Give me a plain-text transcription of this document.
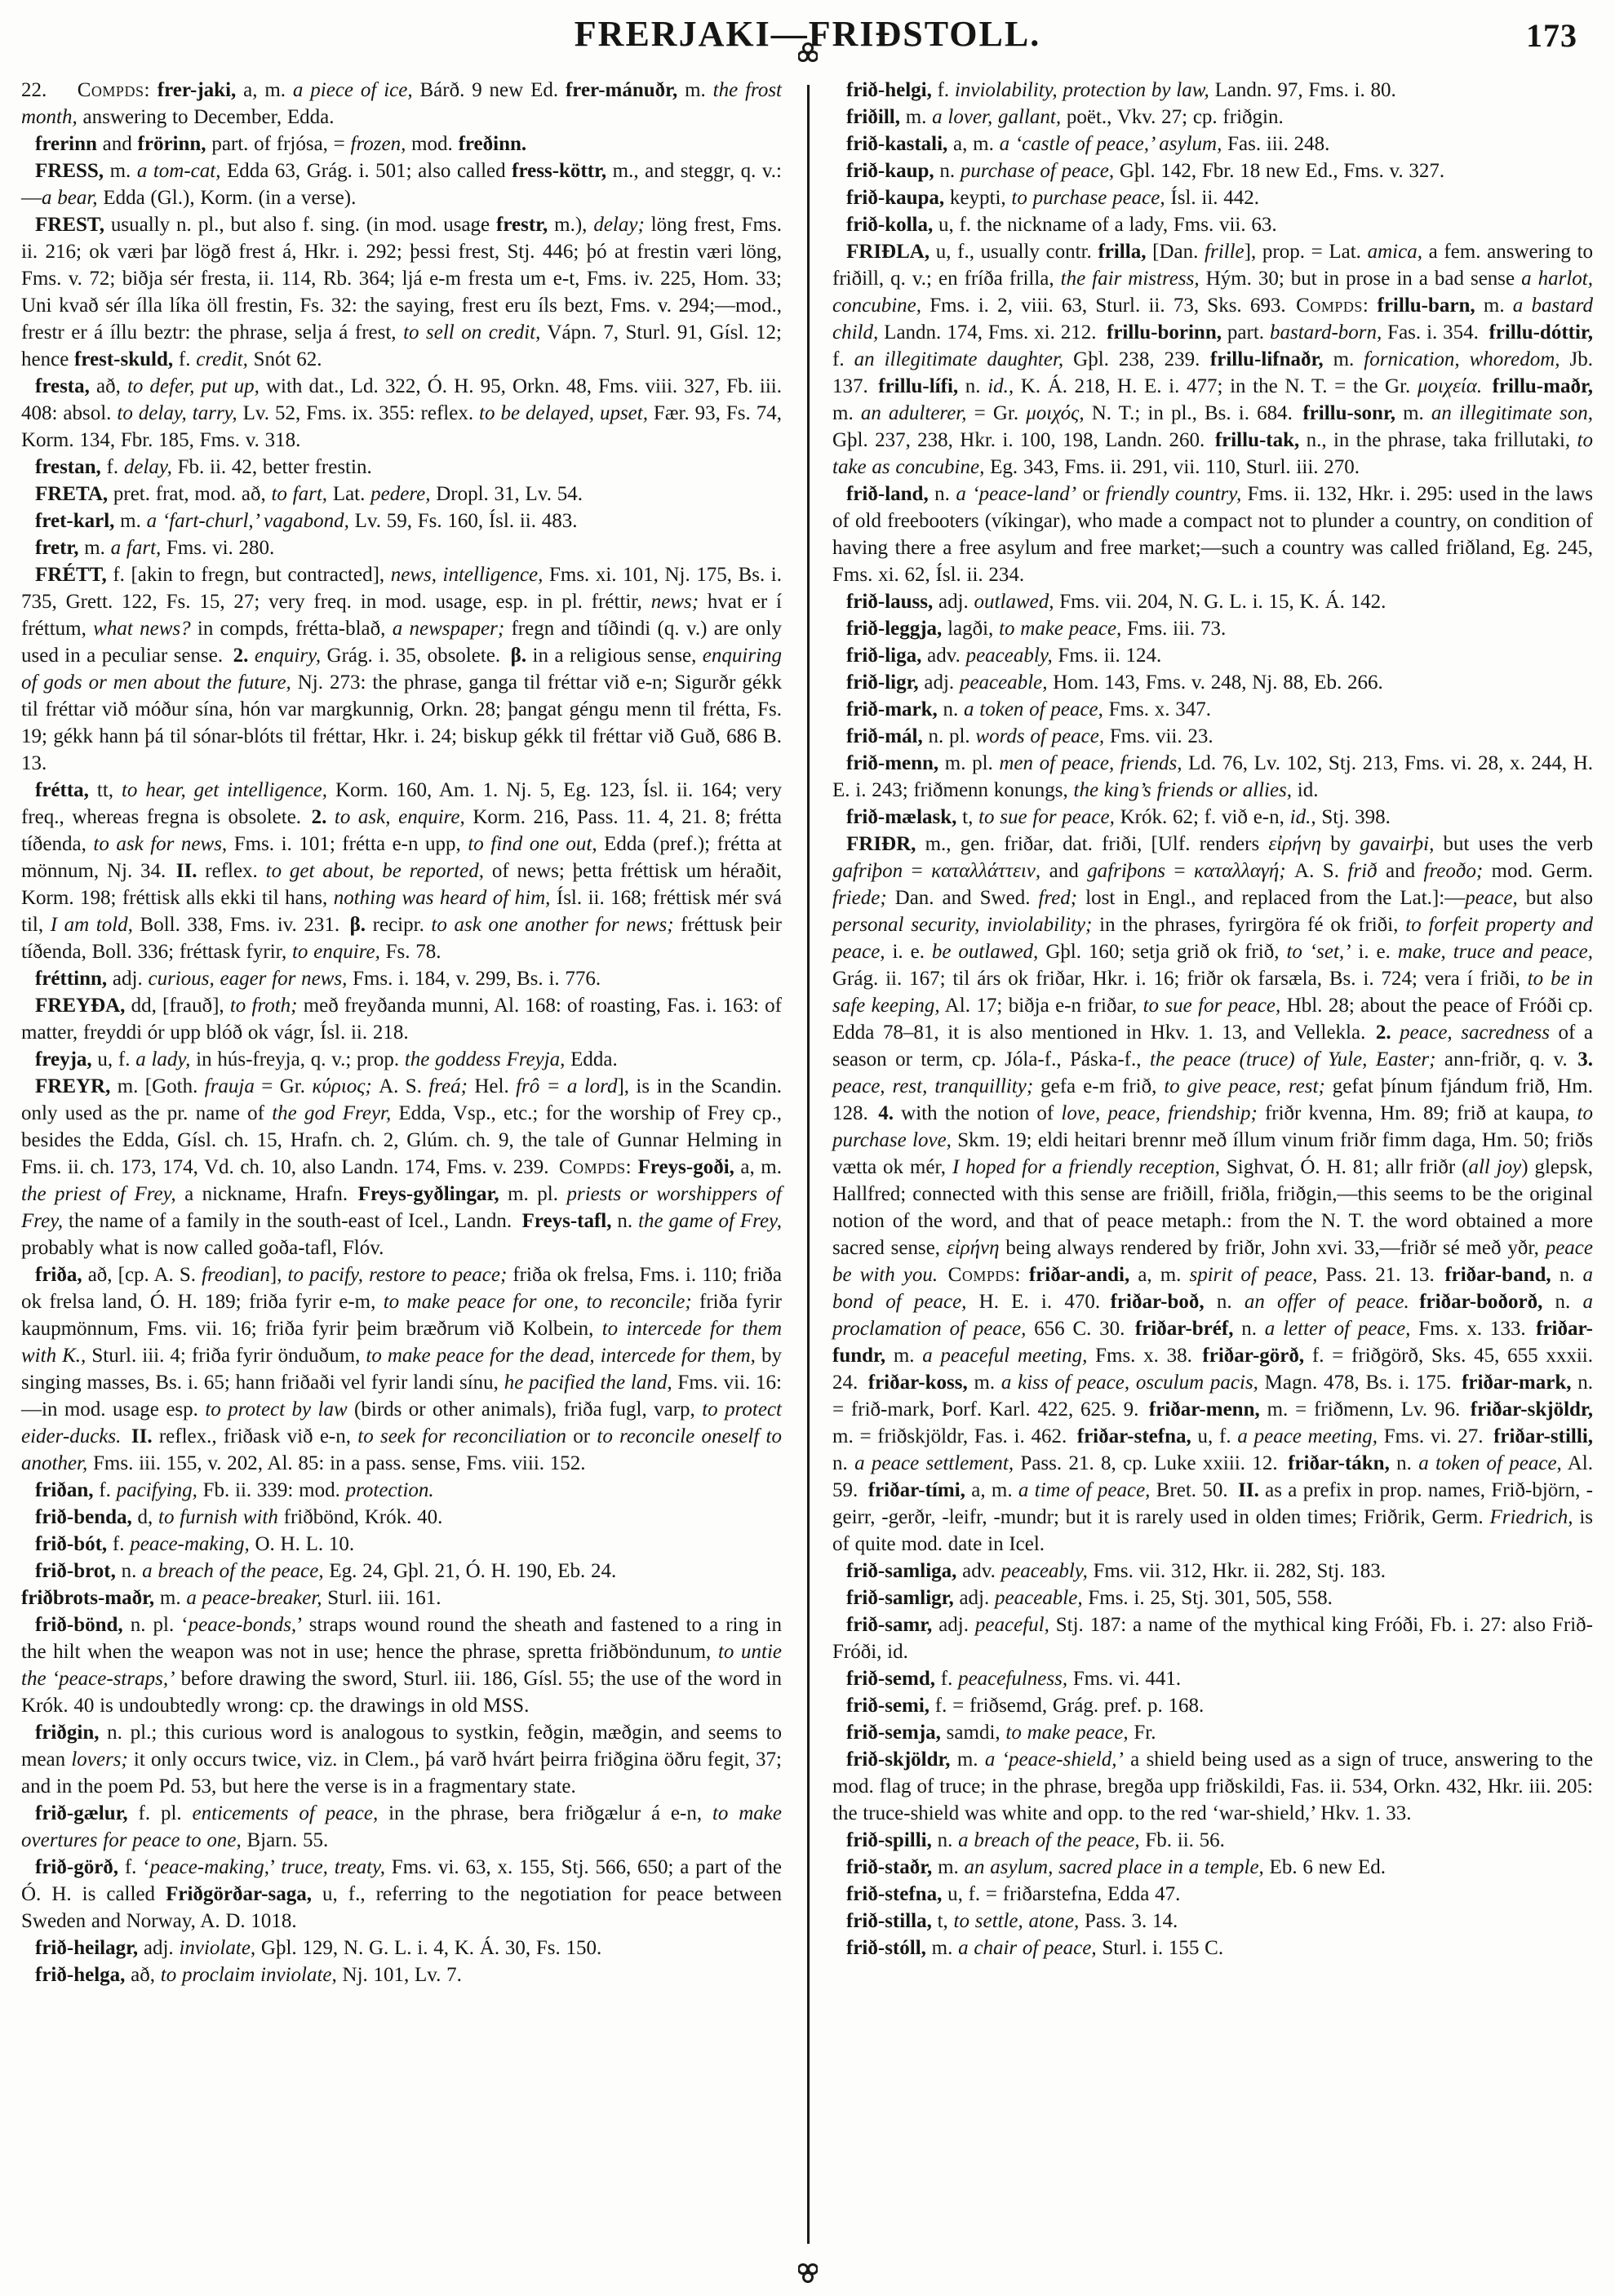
FRERJAKI—FRIÐSTOLL.	173

22.  Compds: frer-jaki, a, m. a piece of ice, Bárð. 9 new Ed. frer-mánuðr, m. the frost month, answering to December, Edda.

frerinn and frörinn, part. of frjósa, = frozen, mod. freðinn.

FRESS, m. a tom-cat, Edda 63, Grág. i. 501; also called fress-köttr, m., and steggr, q. v.:—a bear, Edda (Gl.), Korm. (in a verse).

FREST, usually n. pl., but also f. sing. (in mod. usage frestr, m.), delay; löng frest, Fms. ii. 216; ok væri þar lögð frest á, Hkr. i. 292; þessi frest, Stj. 446; þó at frestin væri löng, Fms. v. 72; biðja sér fresta, ii. 114, Rb. 364; ljá e-m fresta um e-t, Fms. iv. 225, Hom. 33; Uni kvað sér ílla líka öll frestin, Fs. 32: the saying, frest eru íls bezt, Fms. v. 294;—mod., frestr er á íllu beztr: the phrase, selja á frest, to sell on credit, Vápn. 7, Sturl. 91, Gísl. 12; hence frest-skuld, f. credit, Snót 62.

fresta, að, to defer, put up, with dat., Ld. 322, Ó. H. 95, Orkn. 48, Fms. viii. 327, Fb. iii. 408: absol. to delay, tarry, Lv. 52, Fms. ix. 355: reflex. to be delayed, upset, Fær. 93, Fs. 74, Korm. 134, Fbr. 185, Fms. v. 318.

frestan, f. delay, Fb. ii. 42, better frestin.

FRETA, pret. frat, mod. að, to fart, Lat. pedere, Dropl. 31, Lv. 54.

fret-karl, m. a ‘fart-churl,’ vagabond, Lv. 59, Fs. 160, Ísl. ii. 483.

fretr, m. a fart, Fms. vi. 280.

FRÉTT, f. [akin to fregn, but contracted], news, intelligence, Fms. xi. 101, Nj. 175, Bs. i. 735, Grett. 122, Fs. 15, 27; very freq. in mod. usage, esp. in pl. fréttir, news; hvat er í fréttum, what news? in compds, frétta-blað, a newspaper; fregn and tíðindi (q. v.) are only used in a peculiar sense. 2. enquiry, Grág. i. 35, obsolete. β. in a religious sense, enquiring of gods or men about the future, Nj. 273: the phrase, ganga til fréttar við e-n; Sigurðr gékk til fréttar við móður sína, hón var margkunnig, Orkn. 28; þangat géngu menn til frétta, Fs. 19; gékk hann þá til sónar-blóts til fréttar, Hkr. i. 24; biskup gékk til fréttar við Guð, 686 B. 13.

frétta, tt, to hear, get intelligence, Korm. 160, Am. 1. Nj. 5, Eg. 123, Ísl. ii. 164; very freq., whereas fregna is obsolete. 2. to ask, enquire, Korm. 216, Pass. 11. 4, 21. 8; frétta tíðenda, to ask for news, Fms. i. 101; frétta e-n upp, to find one out, Edda (pref.); frétta at mönnum, Nj. 34. II. reflex. to get about, be reported, of news; þetta fréttisk um héraðit, Korm. 198; fréttisk alls ekki til hans, nothing was heard of him, Ísl. ii. 168; fréttisk mér svá til, I am told, Boll. 338, Fms. iv. 231. β. recipr. to ask one another for news; fréttusk þeir tíðenda, Boll. 336; fréttask fyrir, to enquire, Fs. 78.

fréttinn, adj. curious, eager for news, Fms. i. 184, v. 299, Bs. i. 776.

FREYÐA, dd, [frauð], to froth; með freyðanda munni, Al. 168: of roasting, Fas. i. 163: of matter, freyddi ór upp blóð ok vágr, Ísl. ii. 218.

freyja, u, f. a lady, in hús-freyja, q. v.; prop. the goddess Freyja, Edda.

FREYR, m. [Goth. frauja = Gr. κύριος; A. S. freá; Hel. frô = a lord], is in the Scandin. only used as the pr. name of the god Freyr, Edda, Vsp., etc.; for the worship of Frey cp., besides the Edda, Gísl. ch. 15, Hrafn. ch. 2, Glúm. ch. 9, the tale of Gunnar Helming in Fms. ii. ch. 173, 174, Vd. ch. 10, also Landn. 174, Fms. v. 239. Compds: Freys-goði, a, m. the priest of Frey, a nickname, Hrafn. Freys-gyðlingar, m. pl. priests or worshippers of Frey, the name of a family in the south-east of Icel., Landn. Freys-tafl, n. the game of Frey, probably what is now called goða-tafl, Flóv.

friða, að, [cp. A. S. freodian], to pacify, restore to peace; friða ok frelsa, Fms. i. 110; friða ok frelsa land, Ó. H. 189; friða fyrir e-m, to make peace for one, to reconcile; friða fyrir kaupmönnum, Fms. vii. 16; friða fyrir þeim bræðrum við Kolbein, to intercede for them with K., Sturl. iii. 4; friða fyrir önduðum, to make peace for the dead, intercede for them, by singing masses, Bs. i. 65; hann friðaði vel fyrir landi sínu, he pacified the land, Fms. vii. 16:—in mod. usage esp. to protect by law (birds or other animals), friða fugl, varp, to protect eider-ducks.  II. reflex., friðask við e-n, to seek for reconciliation or to reconcile oneself to another, Fms. iii. 155, v. 202, Al. 85: in a pass. sense, Fms. viii. 152.

friðan, f. pacifying, Fb. ii. 339: mod. protection.

frið-benda, d, to furnish with friðbönd, Krók. 40.

frið-bót, f. peace-making, O. H. L. 10.

frið-brot, n. a breach of the peace, Eg. 24, Gþl. 21, Ó. H. 190, Eb. 24.

friðbrots-maðr, m. a peace-breaker, Sturl. iii. 161.

frið-bönd, n. pl. ‘peace-bonds,’ straps wound round the sheath and fastened to a ring in the hilt when the weapon was not in use; hence the phrase, spretta friðböndunum, to untie the ‘peace-straps,’ before drawing the sword, Sturl. iii. 186, Gísl. 55; the use of the word in Krók. 40 is undoubtedly wrong: cp. the drawings in old MSS.

friðgin, n. pl.; this curious word is analogous to systkin, feðgin, mæðgin, and seems to mean lovers; it only occurs twice, viz. in Clem., þá varð hvárt þeirra friðgina öðru fegit, 37; and in the poem Pd. 53, but here the verse is in a fragmentary state.

frið-gælur, f. pl. enticements of peace, in the phrase, bera friðgælur á e-n, to make overtures for peace to one, Bjarn. 55.

frið-görð, f. ‘peace-making,’ truce, treaty, Fms. vi. 63, x. 155, Stj. 566, 650; a part of the Ó. H. is called Friðgörðar-saga, u, f., referring to the negotiation for peace between Sweden and Norway, A. D. 1018.

frið-heilagr, adj. inviolate, Gþl. 129, N. G. L. i. 4, K. Á. 30, Fs. 150.

frið-helga, að, to proclaim inviolate, Nj. 101, Lv. 7.

frið-helgi, f. inviolability, protection by law, Landn. 97, Fms. i. 80.

friðill, m. a lover, gallant, poët., Vkv. 27; cp. friðgin.

frið-kastali, a, m. a ‘castle of peace,’ asylum, Fas. iii. 248.

frið-kaup, n. purchase of peace, Gþl. 142, Fbr. 18 new Ed., Fms. v. 327.

frið-kaupa, keypti, to purchase peace, Ísl. ii. 442.

frið-kolla, u, f. the nickname of a lady, Fms. vii. 63.

FRIÐLA, u, f., usually contr. frilla, [Dan. frille], prop. = Lat. amica, a fem. answering to friðill, q. v.; en fríða frilla, the fair mistress, Hým. 30; but in prose in a bad sense a harlot, concubine, Fms. i. 2, viii. 63, Sturl. ii. 73, Sks. 693. Compds: frillu-barn, m. a bastard child, Landn. 174, Fms. xi. 212. frillu-borinn, part. bastard-born, Fas. i. 354. frillu-dóttir, f. an illegitimate daughter, Gþl. 238, 239. frillu-lifnaðr, m. fornication, whoredom, Jb. 137. frillu-lífi, n. id., K. Á. 218, H. E. i. 477; in the N. T. = the Gr. μοιχεία.  frillu-maðr, m. an adulterer, = Gr. μοιχός, N. T.; in pl., Bs. i. 684. frillu-sonr, m. an illegitimate son, Gþl. 237, 238, Hkr. i. 100, 198, Landn. 260. frillu-tak, n., in the phrase, taka frillutaki, to take as concubine, Eg. 343, Fms. ii. 291, vii. 110, Sturl. iii. 270.

frið-land, n. a ‘peace-land’ or friendly country, Fms. ii. 132, Hkr. i. 295: used in the laws of old freebooters (víkingar), who made a compact not to plunder a country, on condition of having there a free asylum and free market;—such a country was called friðland, Eg. 245, Fms. xi. 62, Ísl. ii. 234.

frið-lauss, adj. outlawed, Fms. vii. 204, N. G. L. i. 15, K. Á. 142.

frið-leggja, lagði, to make peace, Fms. iii. 73.

frið-liga, adv. peaceably, Fms. ii. 124.

frið-ligr, adj. peaceable, Hom. 143, Fms. v. 248, Nj. 88, Eb. 266.

frið-mark, n. a token of peace, Fms. x. 347.

frið-mál, n. pl. words of peace, Fms. vii. 23.

frið-menn, m. pl. men of peace, friends, Ld. 76, Lv. 102, Stj. 213, Fms. vi. 28, x. 244, H. E. i. 243; friðmenn konungs, the king’s friends or allies, id.

frið-mælask, t, to sue for peace, Krók. 62; f. við e-n, id., Stj. 398.

FRIÐR, m., gen. friðar, dat. friði, [Ulf. renders εἰρήνη by gavairþi, but uses the verb gafriþon = καταλλάττειν, and gafriþons = καταλλαγή; A. S. frið and freoðo; mod. Germ. friede; Dan. and Swed. fred; lost in Engl., and replaced from the Lat.]:—peace, but also personal security, inviolability; in the phrases, fyrirgöra fé ok friði, to forfeit property and peace, i. e. be outlawed, Gþl. 160; setja grið ok frið, to ‘set,’ i. e. make, truce and peace, Grág. ii. 167; til árs ok friðar, Hkr. i. 16; friðr ok farsæla, Bs. i. 724; vera í friði, to be in safe keeping, Al. 17; biðja e-n friðar, to sue for peace, Hbl. 28; about the peace of Fróði cp. Edda 78–81, it is also mentioned in Hkv. 1. 13, and Vellekla. 2. peace, sacredness of a season or term, cp. Jóla-f., Páska-f., the peace (truce) of Yule, Easter; ann-friðr, q. v. 3. peace, rest, tranquillity; gefa e-m frið, to give peace, rest; gefat þínum fjándum frið, Hm. 128. 4. with the notion of love, peace, friendship; friðr kvenna, Hm. 89; frið at kaupa, to purchase love, Skm. 19; eldi heitari brennr með íllum vinum friðr fimm daga, Hm. 50; friðs vætta ok mér, I hoped for a friendly reception, Sighvat, Ó. H. 81; allr friðr (all joy) glepsk, Hallfred; connected with this sense are friðill, friðla, friðgin,—this seems to be the original notion of the word, and that of peace metaph.: from the N. T. the word obtained a more sacred sense, εἰρήνη being always rendered by friðr, John xvi. 33,—friðr sé með yðr, peace be with you.  Compds: friðar-andi, a, m. spirit of peace, Pass. 21. 13. friðar-band, n. a bond of peace, H. E. i. 470. friðar-boð, n. an offer of peace.  friðar-boðorð, n. a proclamation of peace, 656 C. 30. friðar-bréf, n. a letter of peace, Fms. x. 133. friðar-fundr, m. a peaceful meeting, Fms. x. 38. friðar-görð, f. = friðgörð, Sks. 45, 655 xxxii. 24. friðar-koss, m. a kiss of peace, osculum pacis, Magn. 478, Bs. i. 175. friðar-mark, n. = frið-mark, Þorf. Karl. 422, 625. 9. friðar-menn, m. = friðmenn, Lv. 96. friðar-skjöldr, m. = friðskjöldr, Fas. i. 462. friðar-stefna, u, f. a peace meeting, Fms. vi. 27. friðar-stilli, n. a peace settlement, Pass. 21. 8, cp. Luke xxiii. 12. friðar-tákn, n. a token of peace, Al. 59. friðar-tími, a, m. a time of peace, Bret. 50. II. as a prefix in prop. names, Frið-björn, -geirr, -gerðr, -leifr, -mundr; but it is rarely used in olden times; Friðrik, Germ. Friedrich, is of quite mod. date in Icel.

frið-samliga, adv. peaceably, Fms. vii. 312, Hkr. ii. 282, Stj. 183.

frið-samligr, adj. peaceable, Fms. i. 25, Stj. 301, 505, 558.

frið-samr, adj. peaceful, Stj. 187: a name of the mythical king Fróði, Fb. i. 27: also Frið-Fróði, id.

frið-semd, f. peacefulness, Fms. vi. 441.

frið-semi, f. = friðsemd, Grág. pref. p. 168.

frið-semja, samdi, to make peace, Fr.

frið-skjöldr, m. a ‘peace-shield,’ a shield being used as a sign of truce, answering to the mod. flag of truce; in the phrase, bregða upp friðskildi, Fas. ii. 534, Orkn. 432, Hkr. iii. 205: the truce-shield was white and opp. to the red ‘war-shield,’ Hkv. 1. 33.

frið-spilli, n. a breach of the peace, Fb. ii. 56.

frið-staðr, m. an asylum, sacred place in a temple, Eb. 6 new Ed.

frið-stefna, u, f. = friðarstefna, Edda 47.

frið-stilla, t, to settle, atone, Pass. 3. 14.

frið-stóll, m. a chair of peace, Sturl. i. 155 C.
